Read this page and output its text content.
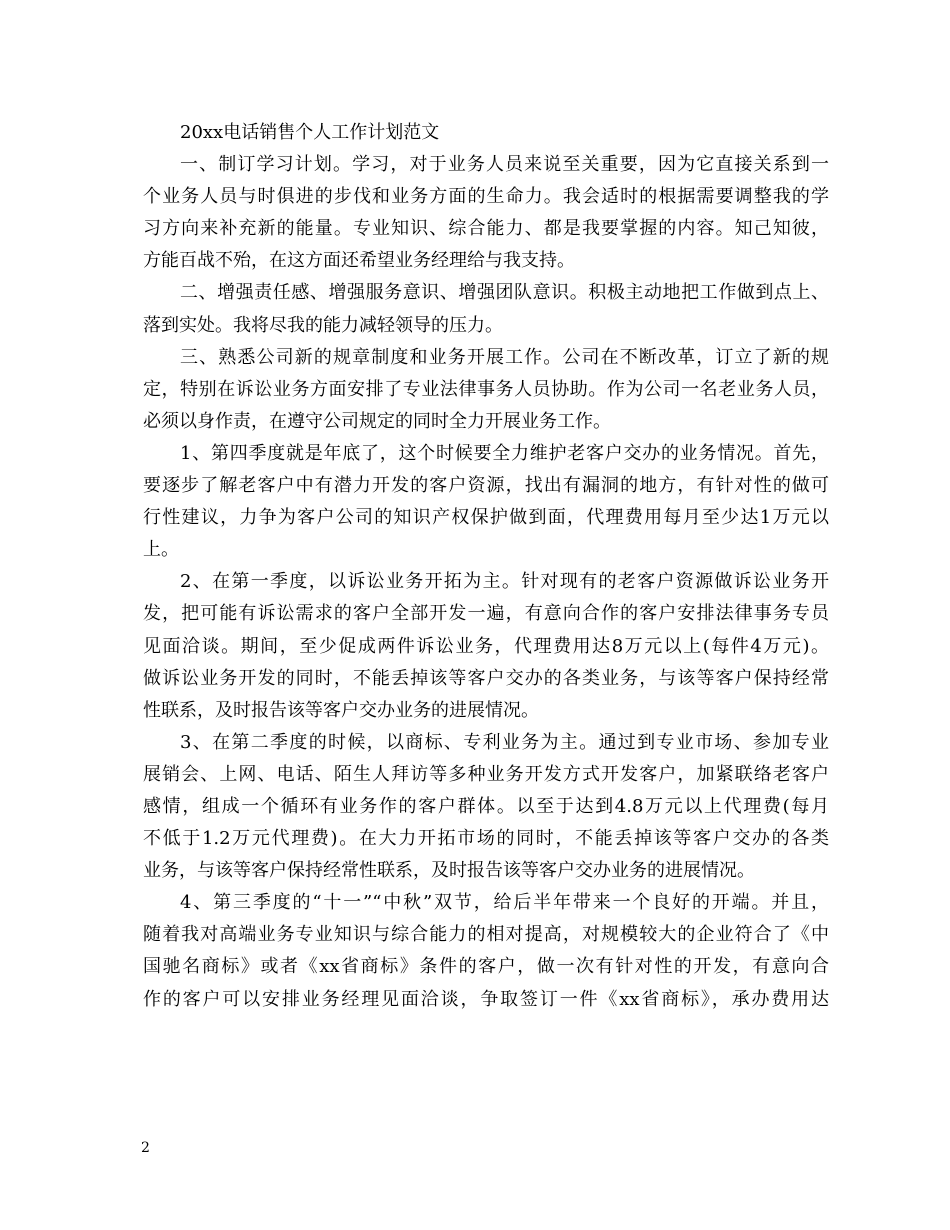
20xx电话销售个人工作计划范文
一、制订学习计划。学习，对于业务人员来说至关重要，因为它直接关系到一
个业务人员与时俱进的步伐和业务方面的生命力。我会适时的根据需要调整我的学
习方向来补充新的能量。专业知识、综合能力、都是我要掌握的内容。知己知彼，
方能百战不殆，在这方面还希望业务经理给与我支持。
二、增强责任感、增强服务意识、增强团队意识。积极主动地把工作做到点上、
落到实处。我将尽我的能力减轻领导的压力。
三、熟悉公司新的规章制度和业务开展工作。公司在不断改革，订立了新的规
定，特别在诉讼业务方面安排了专业法律事务人员协助。作为公司一名老业务人员，
必须以身作责，在遵守公司规定的同时全力开展业务工作。
1、第四季度就是年底了，这个时候要全力维护老客户交办的业务情况。首先，
要逐步了解老客户中有潜力开发的客户资源，找出有漏洞的地方，有针对性的做可
行性建议，力争为客户公司的知识产权保护做到面，代理费用每月至少达1万元以
上。
2、在第一季度，以诉讼业务开拓为主。针对现有的老客户资源做诉讼业务开
发，把可能有诉讼需求的客户全部开发一遍，有意向合作的客户安排法律事务专员
见面洽谈。期间，至少促成两件诉讼业务，代理费用达8万元以上(每件4万元)。
做诉讼业务开发的同时，不能丢掉该等客户交办的各类业务，与该等客户保持经常
性联系，及时报告该等客户交办业务的进展情况。
3、在第二季度的时候，以商标、专利业务为主。通过到专业市场、参加专业
展销会、上网、电话、陌生人拜访等多种业务开发方式开发客户，加紧联络老客户
感情，组成一个循环有业务作的客户群体。以至于达到4.8万元以上代理费(每月
不低于1.2万元代理费)。在大力开拓市场的同时，不能丢掉该等客户交办的各类
业务，与该等客户保持经常性联系，及时报告该等客户交办业务的进展情况。
4、第三季度的“十一”“中秋”双节，给后半年带来一个良好的开端。并且，
随着我对高端业务专业知识与综合能力的相对提高，对规模较大的企业符合了《中
国驰名商标》或者《xx省商标》条件的客户，做一次有针对性的开发，有意向合
作的客户可以安排业务经理见面洽谈，争取签订一件《xx省商标》，承办费用达
2
